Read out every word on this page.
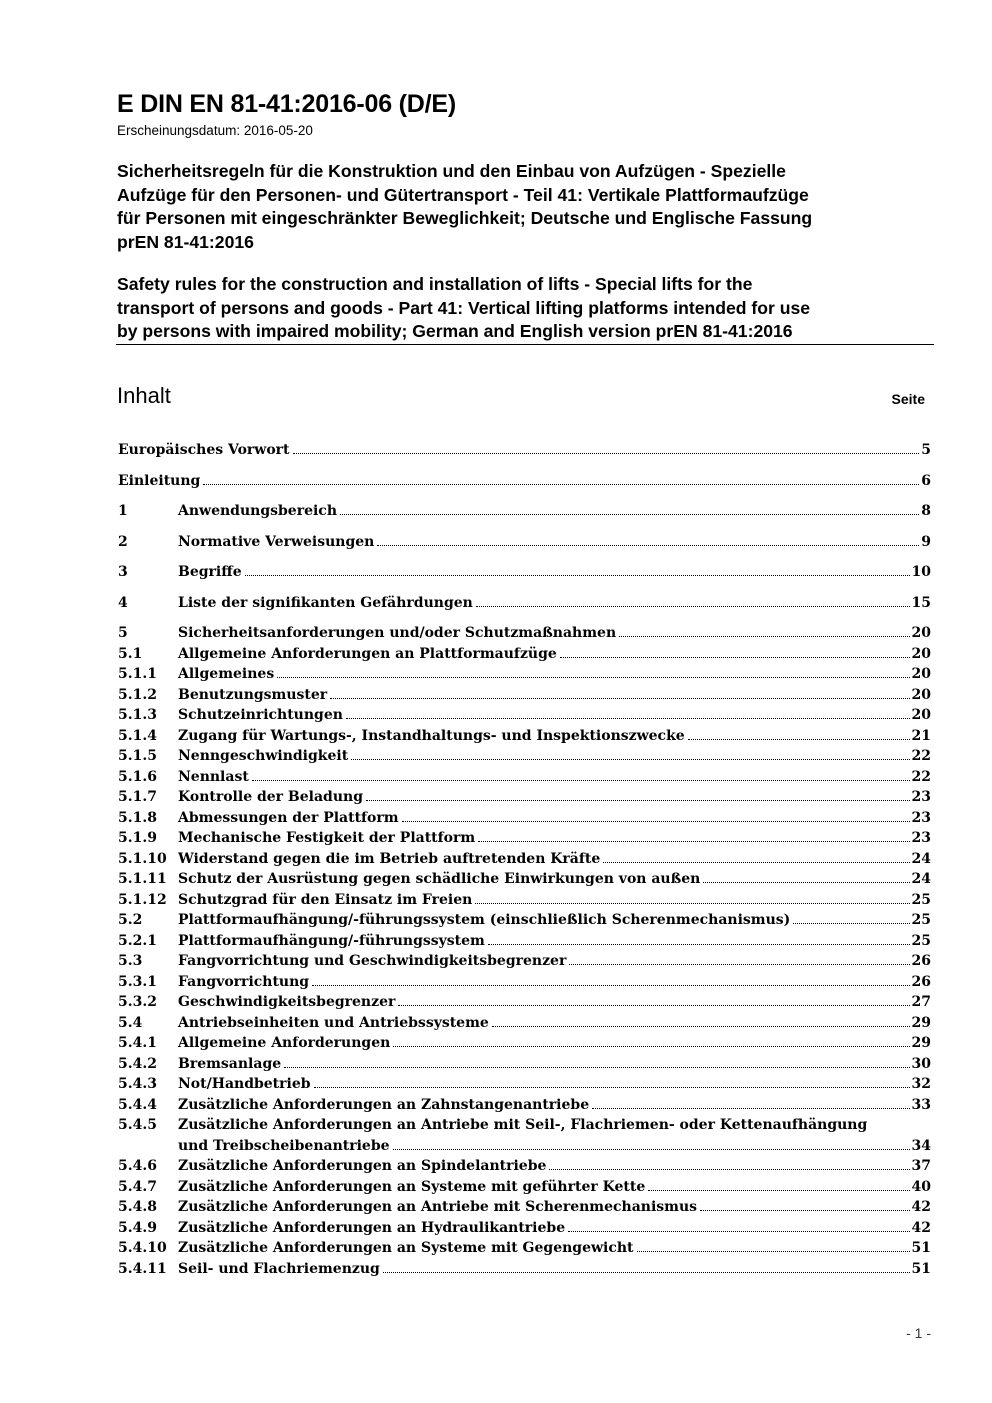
E DIN EN 81-41:2016-06 (D/E)
Erscheinungsdatum: 2016-05-20
Sicherheitsregeln für die Konstruktion und den Einbau von Aufzügen - Spezielle
Aufzüge für den Personen- und Gütertransport - Teil 41: Vertikale Plattformaufzüge
für Personen mit eingeschränkter Beweglichkeit; Deutsche und Englische Fassung
prEN 81-41:2016
Safety rules for the construction and installation of lifts - Special lifts for the
transport of persons and goods - Part 41: Vertical lifting platforms intended for use
by persons with impaired mobility; German and English version prEN 81-41:2016
Inhalt	Seite
Europäisches Vorwort	5
Einleitung	6
1	Anwendungsbereich	8
2	Normative Verweisungen	9
3	Begriffe	10
4	Liste der signifikanten Gefährdungen	15
5	Sicherheitsanforderungen und/oder Schutzmaßnahmen	20
5.1	Allgemeine Anforderungen an Plattformaufzüge	20
5.1.1	Allgemeines	20
5.1.2	Benutzungsmuster	20
5.1.3	Schutzeinrichtungen	20
5.1.4	Zugang für Wartungs-, Instandhaltungs- und Inspektionszwecke	21
5.1.5	Nenngeschwindigkeit	22
5.1.6	Nennlast	22
5.1.7	Kontrolle der Beladung	23
5.1.8	Abmessungen der Plattform	23
5.1.9	Mechanische Festigkeit der Plattform	23
5.1.10 Widerstand gegen die im Betrieb auftretenden Kräfte	24
5.1.11 Schutz der Ausrüstung gegen schädliche Einwirkungen von außen	24
5.1.12 Schutzgrad für den Einsatz im Freien	25
5.2	Plattformaufhängung/-führungssystem (einschließlich Scherenmechanismus)	25
5.2.1	Plattformaufhängung/-führungssystem	25
5.3	Fangvorrichtung und Geschwindigkeitsbegrenzer	26
5.3.1	Fangvorrichtung	26
5.3.2	Geschwindigkeitsbegrenzer	27
5.4	Antriebseinheiten und Antriebssysteme	29
5.4.1	Allgemeine Anforderungen	29
5.4.2	Bremsanlage	30
5.4.3	Not/Handbetrieb	32
5.4.4	Zusätzliche Anforderungen an Zahnstangenantriebe	33
5.4.5	Zusätzliche Anforderungen an Antriebe mit Seil-, Flachriemen- oder Kettenaufhängung
und Treibscheibenantriebe	34
5.4.6	Zusätzliche Anforderungen an Spindelantriebe	37
5.4.7	Zusätzliche Anforderungen an Systeme mit geführter Kette	40
5.4.8	Zusätzliche Anforderungen an Antriebe mit Scherenmechanismus	42
5.4.9	Zusätzliche Anforderungen an Hydraulikantriebe	42
5.4.10 Zusätzliche Anforderungen an Systeme mit Gegengewicht	51
5.4.11 Seil- und Flachriemenzug	51
- 1 -
